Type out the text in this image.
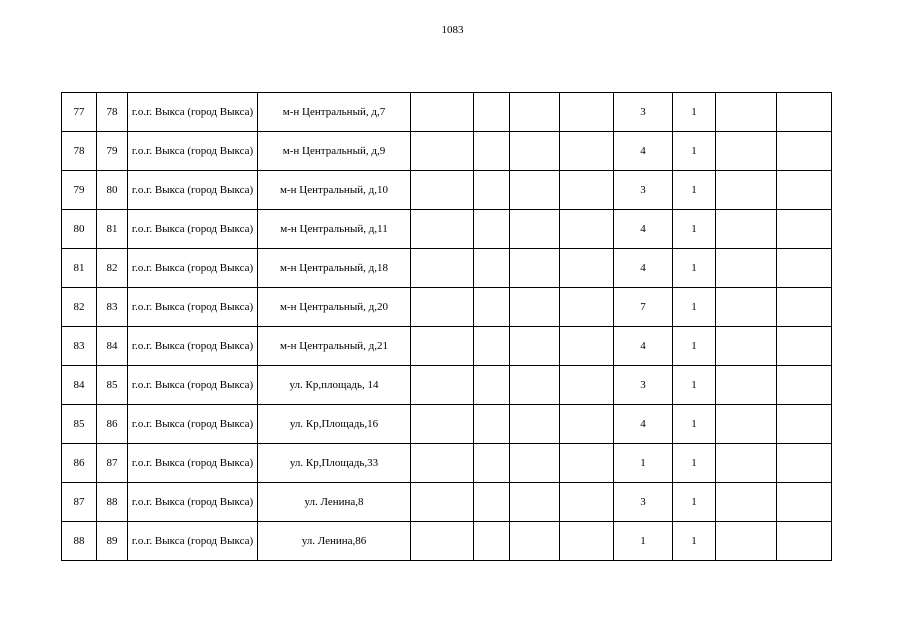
1083
77	78	г.о.г. Выкса (город Выкса)	м-н Центральный, д,7					3	1		
78	79	г.о.г. Выкса (город Выкса)	м-н Центральный, д,9					4	1		
79	80	г.о.г. Выкса (город Выкса)	м-н Центральный, д,10					3	1		
80	81	г.о.г. Выкса (город Выкса)	м-н Центральный, д,11					4	1		
81	82	г.о.г. Выкса (город Выкса)	м-н Центральный, д,18					4	1		
82	83	г.о.г. Выкса (город Выкса)	м-н Центральный, д,20					7	1		
83	84	г.о.г. Выкса (город Выкса)	м-н Центральный, д,21					4	1		
84	85	г.о.г. Выкса (город Выкса)	ул. Кр,площадь, 14					3	1		
85	86	г.о.г. Выкса (город Выкса)	ул. Кр,Площадь,16					4	1		
86	87	г.о.г. Выкса (город Выкса)	ул. Кр,Площадь,33					1	1		
87	88	г.о.г. Выкса (город Выкса)	ул. Ленина,8					3	1		
88	89	г.о.г. Выкса (город Выкса)	ул. Ленина,86					1	1		
